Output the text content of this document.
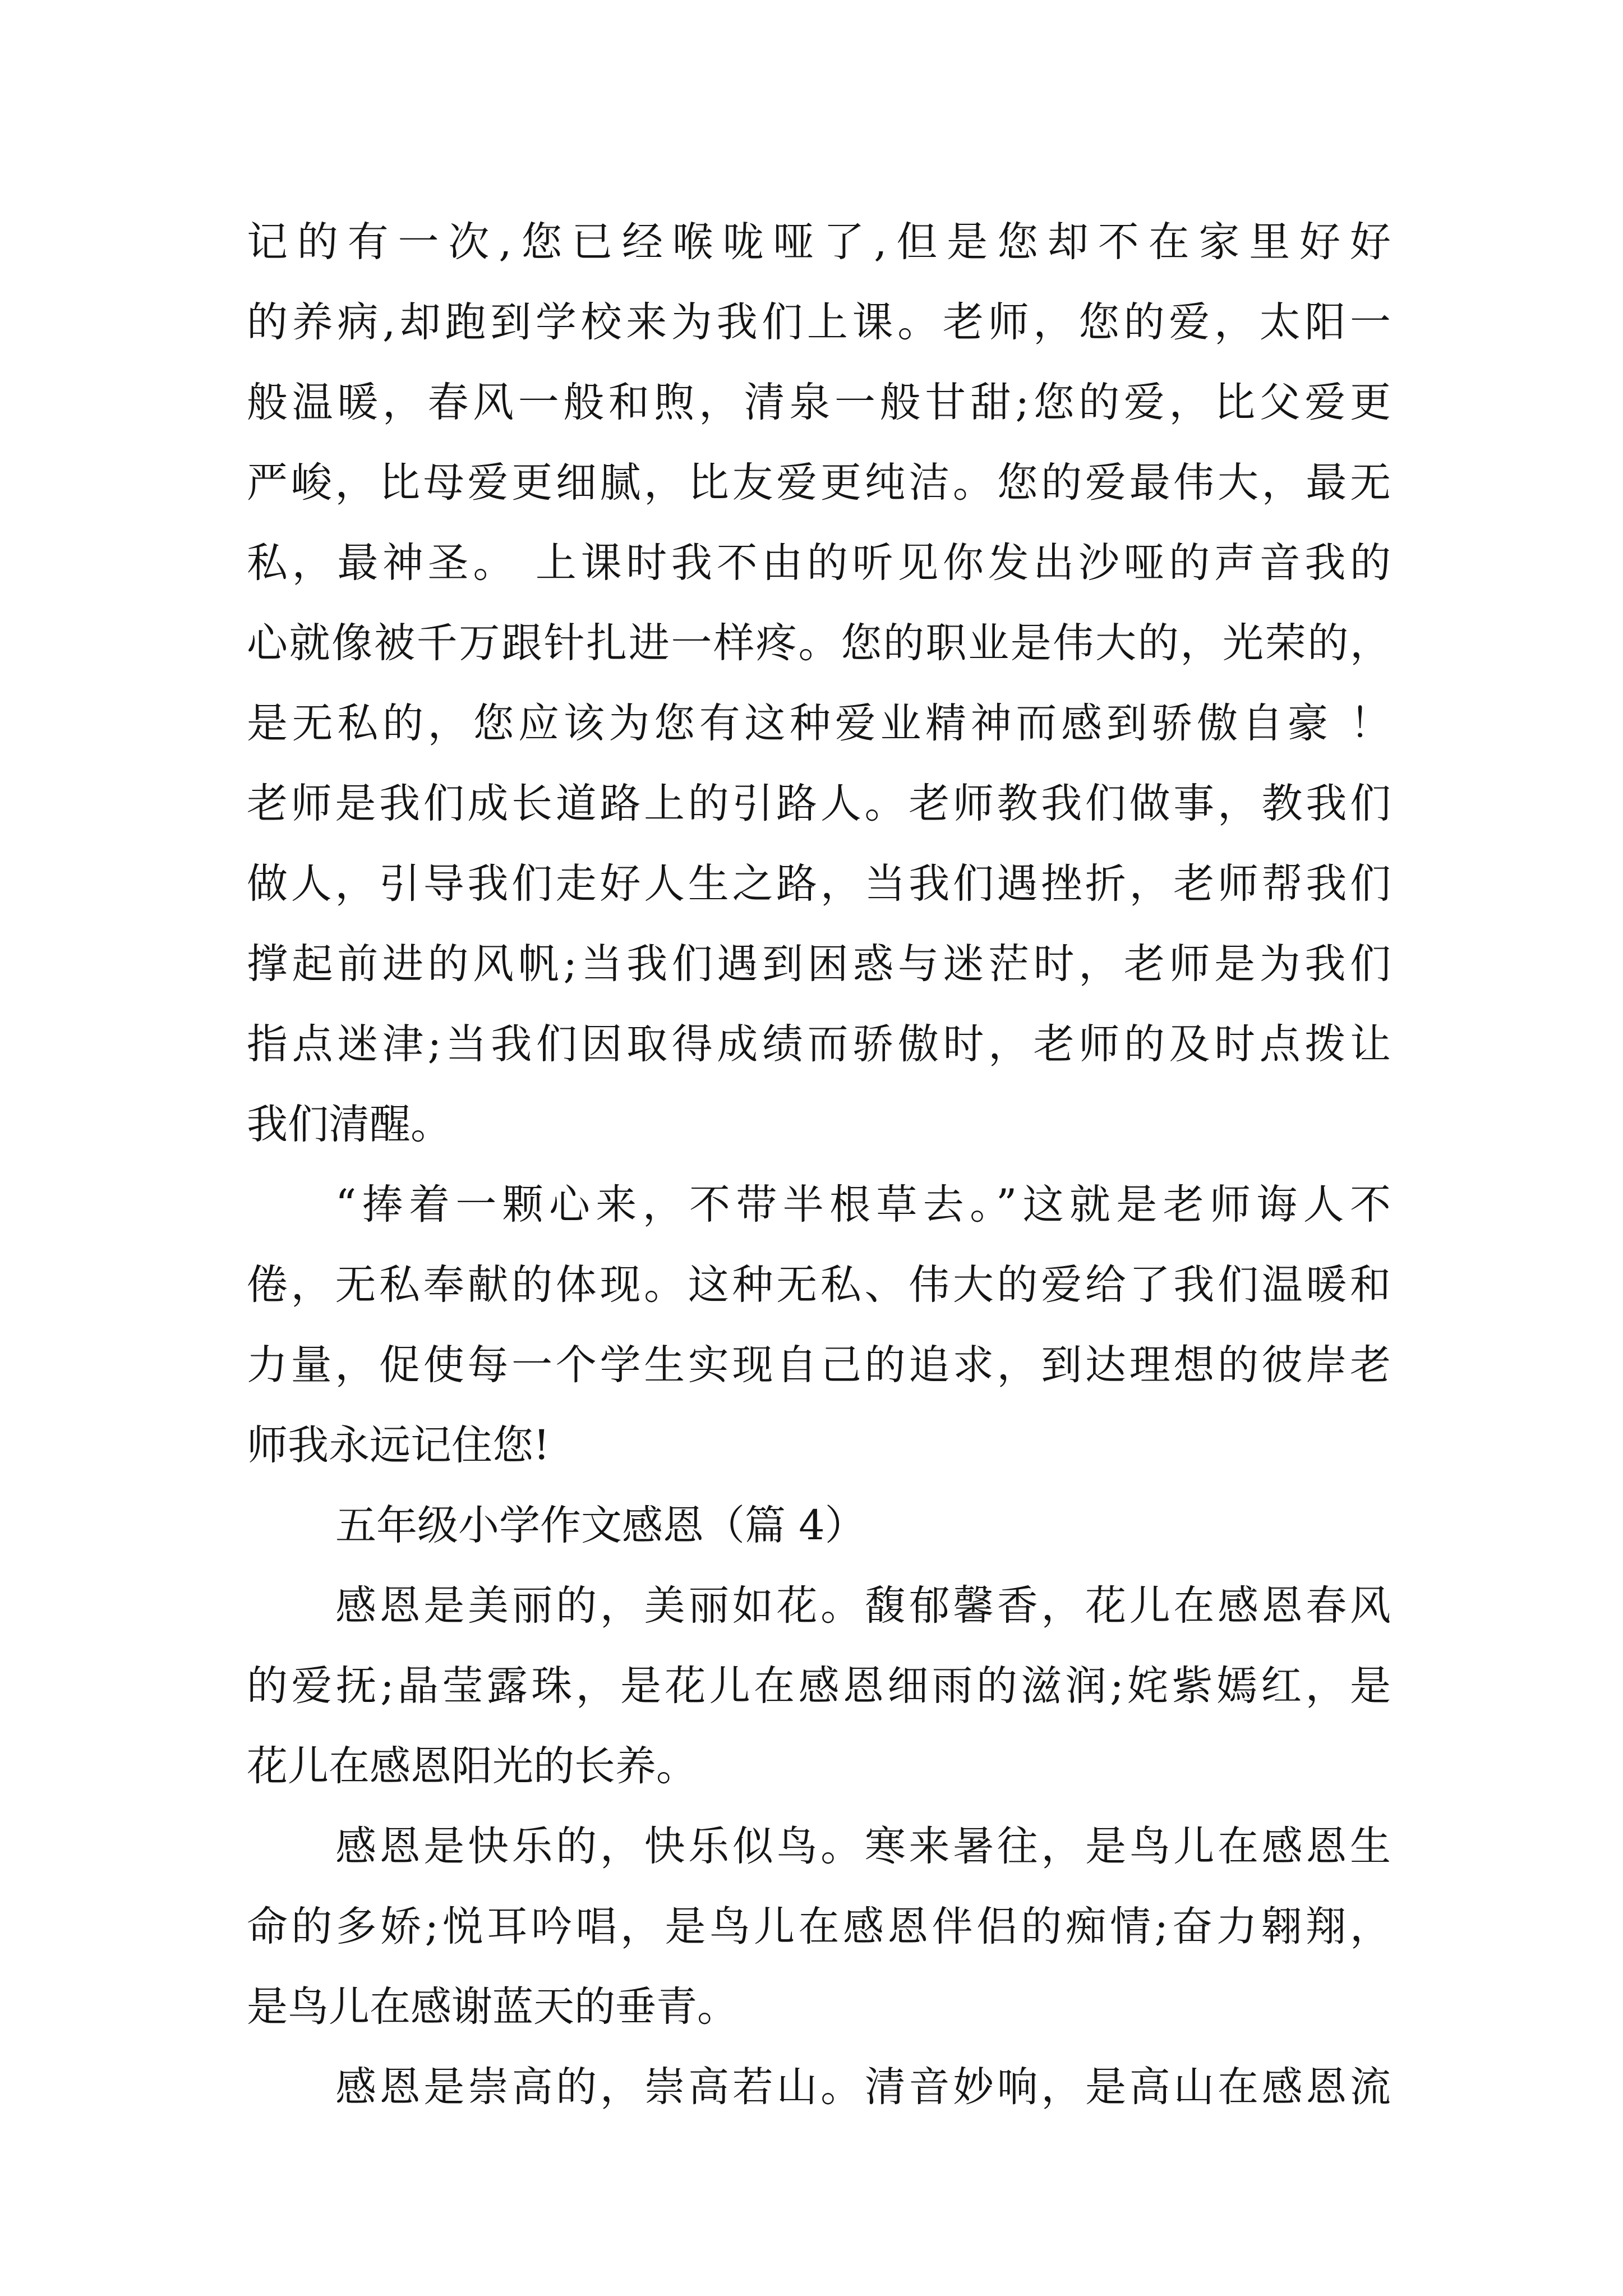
记的有一次,您已经喉咙哑了,但是您却不在家里好好
的养病,却跑到学校来为我们上课。老师，您的爱，太阳一
般温暖，春风一般和煦，清泉一般甘甜;您的爱，比父爱更
严峻，比母爱更细腻，比友爱更纯洁。您的爱最伟大，最无
私，最神圣。 上课时我不由的听见你发出沙哑的声音我的
心就像被千万跟针扎进一样疼。您的职业是伟大的，光荣的，
是无私的，您应该为您有这种爱业精神而感到骄傲自豪 ！
老师是我们成长道路上的引路人。老师教我们做事，教我们
做人，引导我们走好人生之路，当我们遇挫折，老师帮我们
撑起前进的风帆;当我们遇到困惑与迷茫时，老师是为我们
指点迷津;当我们因取得成绩而骄傲时，老师的及时点拨让
我们清醒。
“捧着一颗心来，不带半根草去。”这就是老师诲人不
倦，无私奉献的体现。这种无私、伟大的爱给了我们温暖和
力量，促使每一个学生实现自己的追求，到达理想的彼岸老
师我永远记住您!
五年级小学作文感恩（篇 4）
感恩是美丽的，美丽如花。馥郁馨香，花儿在感恩春风
的爱抚;晶莹露珠，是花儿在感恩细雨的滋润;姹紫嫣红，是
花儿在感恩阳光的长养。
感恩是快乐的，快乐似鸟。寒来暑往，是鸟儿在感恩生
命的多娇;悦耳吟唱，是鸟儿在感恩伴侣的痴情;奋力翱翔，
是鸟儿在感谢蓝天的垂青。
感恩是崇高的，崇高若山。清音妙响，是高山在感恩流
